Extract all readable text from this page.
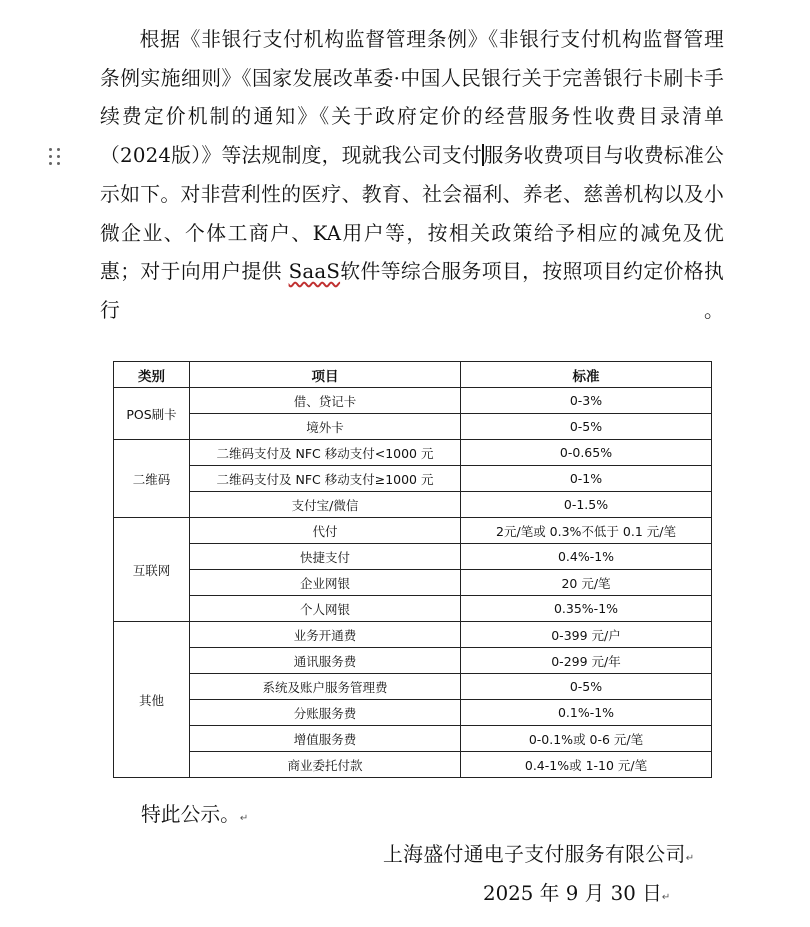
根据《非银行支付机构监督管理条例》《非银行支付机构监督管理条例实施细则》《国家发展改革委·中国人民银行关于完善银行卡刷卡手续费定价机制的通知》《关于政府定价的经营服务性收费目录清单（2024版）》等法规制度，现就我公司支付服务收费项目与收费标准公示如下。对非营利性的医疗、教育、社会福利、养老、慈善机构以及小微企业、个体工商户、KA用户等，按相关政策给予相应的减免及优惠；对于向用户提供 SaaS软件等综合服务项目，按照项目约定价格执行。

类别	项目	标准
POS刷卡	借、贷记卡	0-3%
	境外卡	0-5%
二维码	二维码支付及 NFC 移动支付<1000 元	0-0.65%
	二维码支付及 NFC 移动支付≥1000 元	0-1%
	支付宝/微信	0-1.5%
互联网	代付	2元/笔或 0.3%不低于 0.1 元/笔
	快捷支付	0.4%-1%
	企业网银	20 元/笔
	个人网银	0.35%-1%
其他	业务开通费	0-399 元/户
	通讯服务费	0-299 元/年
	系统及账户服务管理费	0-5%
	分账服务费	0.1%-1%
	增值服务费	0-0.1%或 0-6 元/笔
	商业委托付款	0.4-1%或 1-10 元/笔

特此公示。↵

上海盛付通电子支付服务有限公司↵

2025 年 9 月 30 日↵
